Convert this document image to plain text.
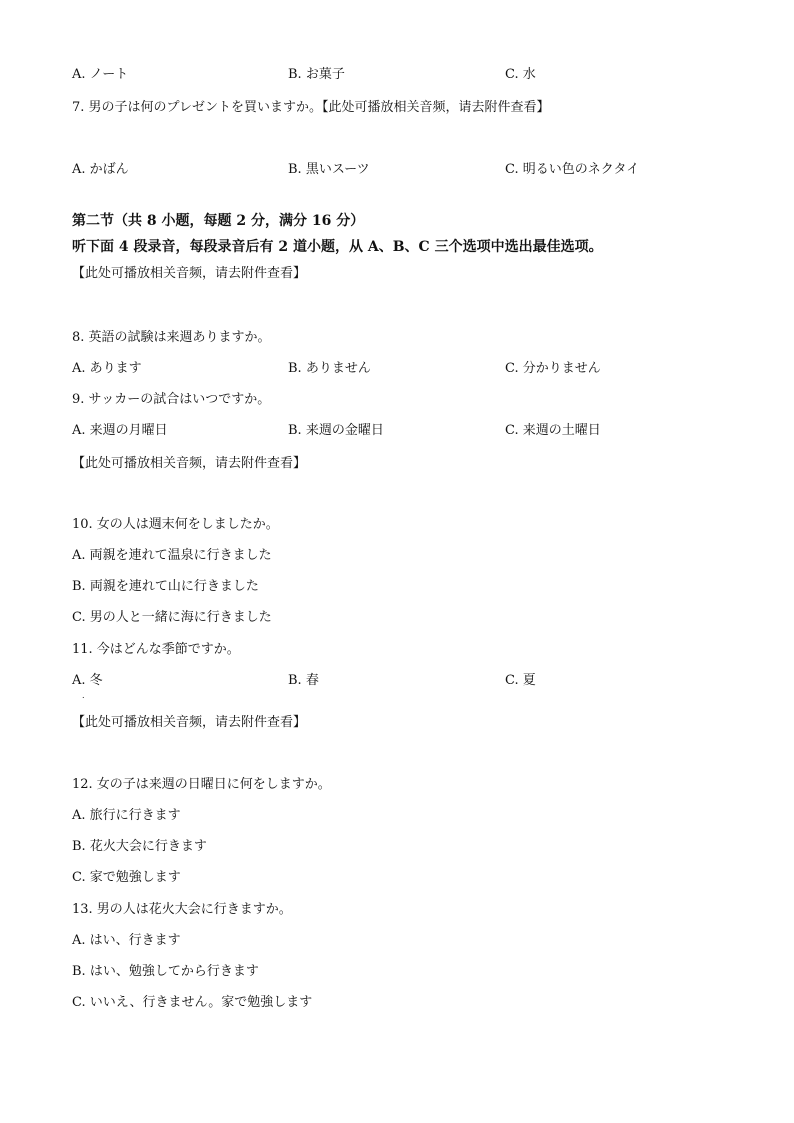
A. ノート	B. お菓子	C. 水
7. 男の子は何のプレゼントを買いますか。【此处可播放相关音频，请去附件查看】
A. かばん	B. 黒いスーツ	C. 明るい色のネクタイ
第二节（共 8 小题，每题 2 分，满分 16 分）
听下面 4 段录音，每段录音后有 2 道小题，从 A、B、C 三个选项中选出最佳选项。
【此处可播放相关音频，请去附件查看】
8. 英語の試験は来週ありますか。
A. あります	B. ありません	C. 分かりません
9. サッカーの試合はいつですか。
A. 来週の月曜日	B. 来週の金曜日	C. 来週の土曜日
【此处可播放相关音频，请去附件查看】
10. 女の人は週末何をしましたか。
A. 両親を連れて温泉に行きました
B. 両親を連れて山に行きました
C. 男の人と一緒に海に行きました
11. 今はどんな季節ですか。
A. 冬	B. 春	C. 夏
.
【此处可播放相关音频，请去附件查看】
12. 女の子は来週の日曜日に何をしますか。
A. 旅行に行きます
B. 花火大会に行きます
C. 家で勉強します
13. 男の人は花火大会に行きますか。
A. はい、行きます
B. はい、勉強してから行きます
C. いいえ、行きません。家で勉強します
